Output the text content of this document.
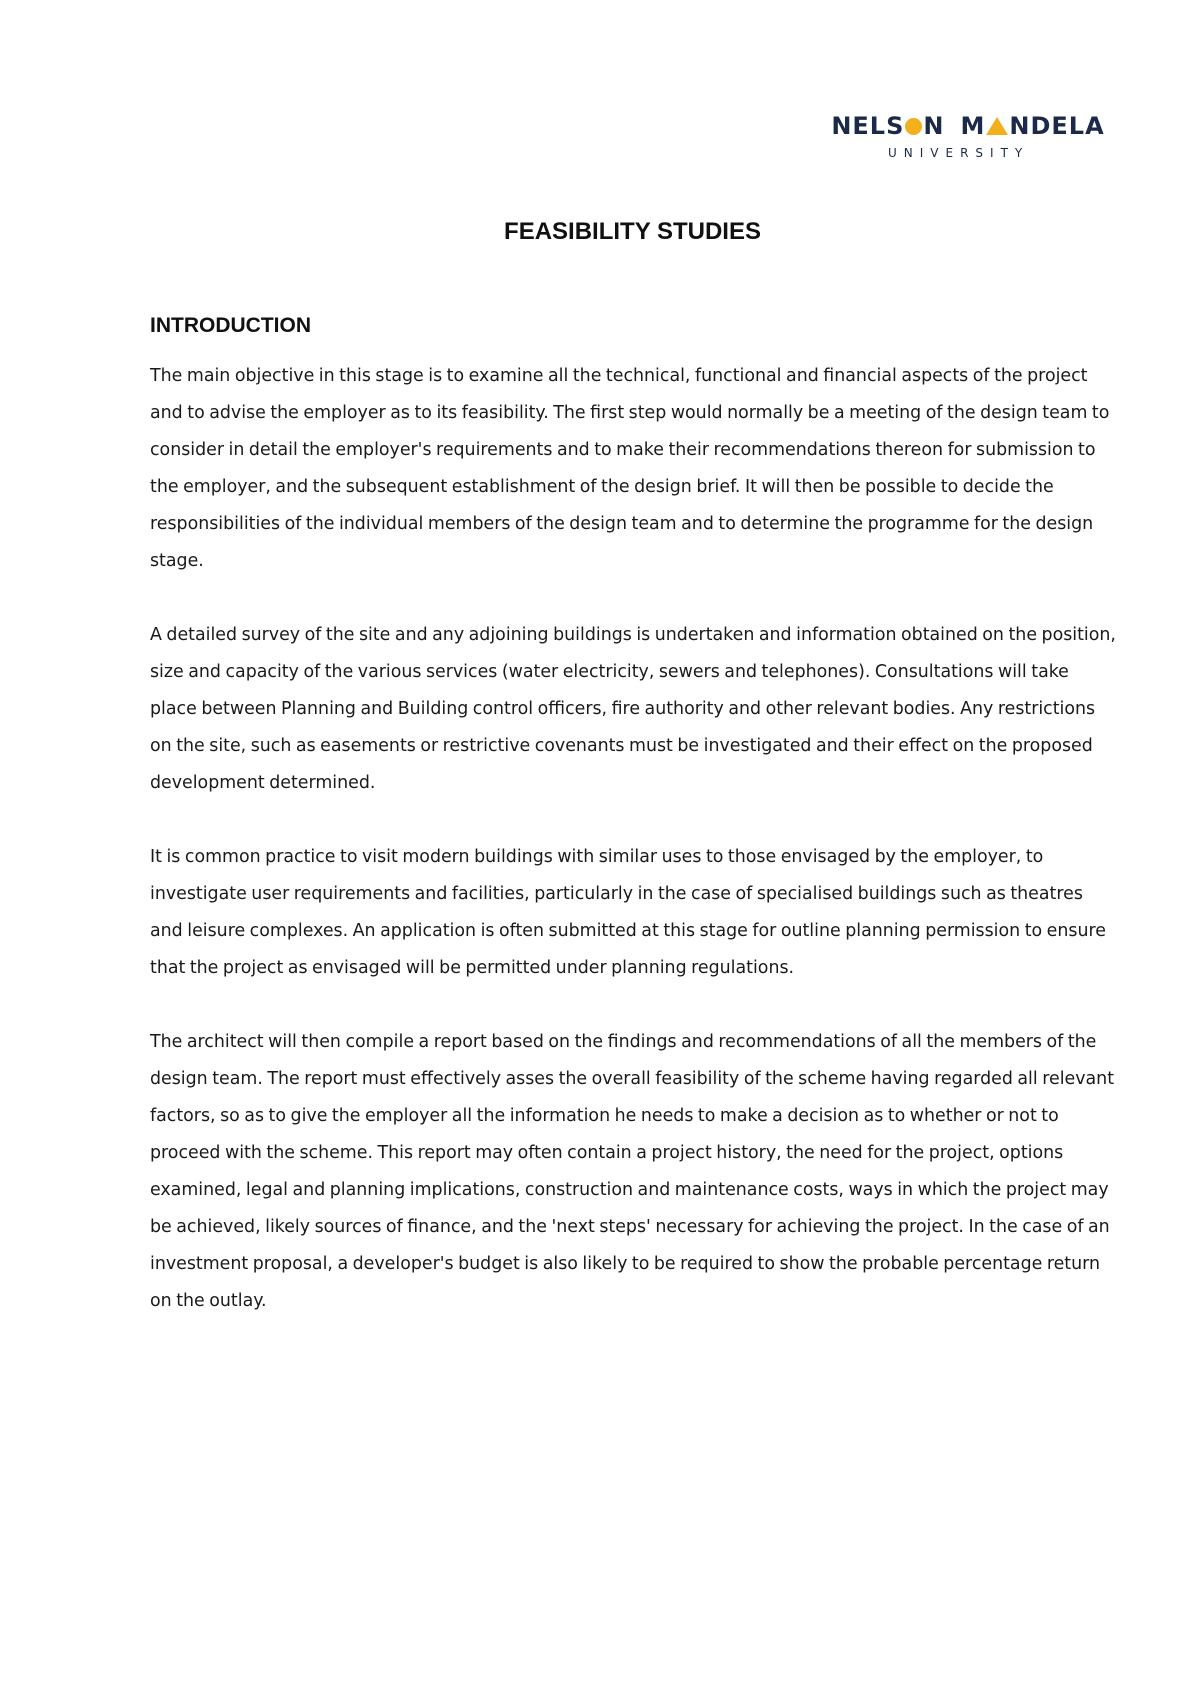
NELS N M NDELA
UNIVERSITY
FEASIBILITY STUDIES
INTRODUCTION

The main objective in this stage is to examine all the technical, functional and financial aspects of the project and to advise the employer as to its feasibility. The first step would normally be a meeting of the design team to consider in detail the employer's requirements and to make their recommendations thereon for submission to the employer, and the subsequent establishment of the design brief. It will then be possible to decide the responsibilities of the individual members of the design team and to determine the programme for the design stage.

A detailed survey of the site and any adjoining buildings is undertaken and information obtained on the position, size and capacity of the various services (water electricity, sewers and telephones). Consultations will take place between Planning and Building control officers, fire authority and other relevant bodies. Any restrictions on the site, such as easements or restrictive covenants must be investigated and their effect on the proposed development determined.

It is common practice to visit modern buildings with similar uses to those envisaged by the employer, to investigate user requirements and facilities, particularly in the case of specialised buildings such as theatres and leisure complexes. An application is often submitted at this stage for outline planning permission to ensure that the project as envisaged will be permitted under planning regulations.

The architect will then compile a report based on the findings and recommendations of all the members of the design team. The report must effectively asses the overall feasibility of the scheme having regarded all relevant factors, so as to give the employer all the information he needs to make a decision as to whether or not to proceed with the scheme. This report may often contain a project history, the need for the project, options examined, legal and planning implications, construction and maintenance costs, ways in which the project may be achieved, likely sources of finance, and the 'next steps' necessary for achieving the project. In the case of an investment proposal, a developer's budget is also likely to be required to show the probable percentage return on the outlay.
